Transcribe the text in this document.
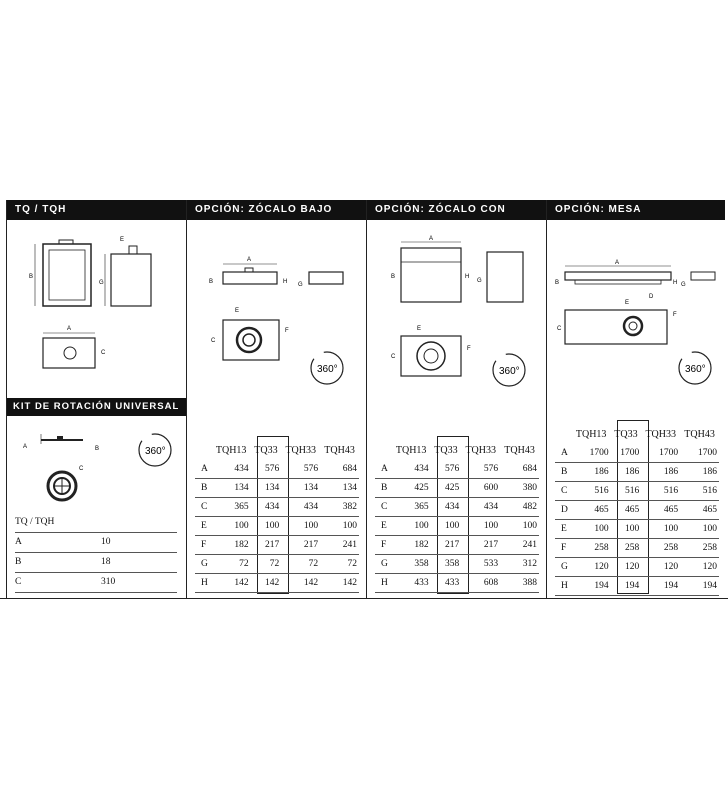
TQ / TQH
B
E
G
A
C
KIT DE ROTACIÓN UNIVERSAL
A	B
C
360°
TQ / TQH
A	10
B	18
C	310
OPCIÓN: ZÓCALO BAJO
A
B	H G
E
C
F
360°
	TQH13	TQ33	TQH33	TQH43
A	434	576	576	684
B	134	134	134	134
C	365	434	434	382
E	100	100	100	100
F	182	217	217	241
G	72	72	72	72
H	142	142	142	142
OPCIÓN: ZÓCALO CON LEÑERO
A
B	H
G
E
C
F
360°
	TQH13	TQ33	TQH33	TQH43
A	434	576	576	684
B	425	425	600	380
C	365	434	434	482
E	100	100	100	100
F	182	217	217	241
G	358	358	533	312
H	433	433	608	388
OPCIÓN: MESA
A
B	H G
D
E
C
F
360°
	TQH13	TQ33	TQH33	TQH43
A	1700	1700	1700	1700
B	186	186	186	186
C	516	516	516	516
D	465	465	465	465
E	100	100	100	100
F	258	258	258	258
G	120	120	120	120
H	194	194	194	194
